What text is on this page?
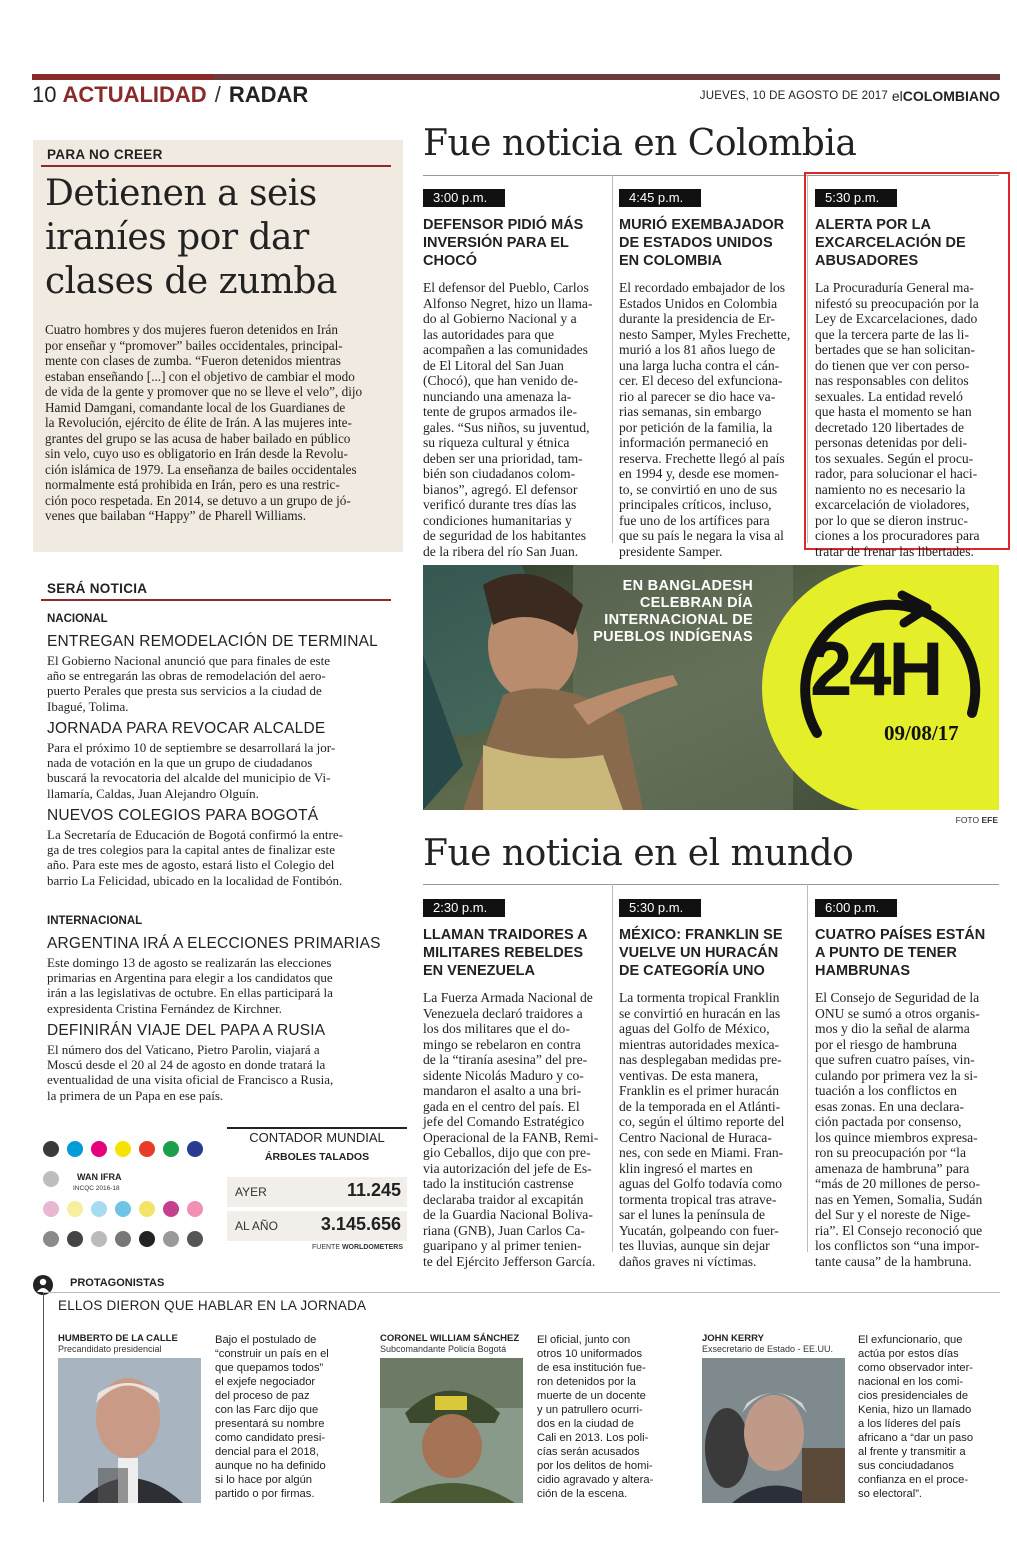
10 ACTUALIDAD / RADAR	JUEVES, 10 DE AGOSTO DE 2017 elCOLOMBIANO
PARA NO CREER
Detienen a seis
iraníes por dar
clases de zumba
Cuatro hombres y dos mujeres fueron detenidos en Irán
por enseñar y “promover” bailes occidentales, principal-
mente con clases de zumba. “Fueron detenidos mientras
estaban enseñando [...] con el objetivo de cambiar el modo
de vida de la gente y promover que no se lleve el velo”, dijo
Hamid Damgani, comandante local de los Guardianes de
la Revolución, ejército de élite de Irán. A las mujeres inte-
grantes del grupo se las acusa de haber bailado en público
sin velo, cuyo uso es obligatorio en Irán desde la Revolu-
ción islámica de 1979. La enseñanza de bailes occidentales
normalmente está prohibida en Irán, pero es una restric-
ción poco respetada. En 2014, se detuvo a un grupo de jó-
venes que bailaban “Happy” de Pharell Williams.
Fue noticia en Colombia
3:00 p.m.
DEFENSOR PIDIÓ MÁS
INVERSIÓN PARA EL
CHOCÓ
El defensor del Pueblo, Carlos
Alfonso Negret, hizo un llama-
do al Gobierno Nacional y a
las autoridades para que
acompañen a las comunidades
de El Litoral del San Juan
(Chocó), que han venido de-
nunciando una amenaza la-
tente de grupos armados ile-
gales. “Sus niños, su juventud,
su riqueza cultural y étnica
deben ser una prioridad, tam-
bién son ciudadanos colom-
bianos”, agregó. El defensor
verificó durante tres días las
condiciones humanitarias y
de seguridad de los habitantes
de la ribera del río San Juan.
4:45 p.m.
MURIÓ EXEMBAJADOR
DE ESTADOS UNIDOS
EN COLOMBIA
El recordado embajador de los
Estados Unidos en Colombia
durante la presidencia de Er-
nesto Samper, Myles Frechette,
murió a los 81 años luego de
una larga lucha contra el cán-
cer. El deceso del exfunciona-
rio al parecer se dio hace va-
rias semanas, sin embargo
por petición de la familia, la
información permaneció en
reserva. Frechette llegó al país
en 1994 y, desde ese momen-
to, se convirtió en uno de sus
principales críticos, incluso,
fue uno de los artífices para
que su país le negara la visa al
presidente Samper.
5:30 p.m.
ALERTA POR LA
EXCARCELACIÓN DE
ABUSADORES
La Procuraduría General ma-
nifestó su preocupación por la
Ley de Excarcelaciones, dado
que la tercera parte de las li-
bertades que se han solicitan-
do tienen que ver con perso-
nas responsables con delitos
sexuales. La entidad reveló
que hasta el momento se han
decretado 120 libertades de
personas detenidas por deli-
tos sexuales. Según el procu-
rador, para solucionar el haci-
namiento no es necesario la
excarcelación de violadores,
por lo que se dieron instruc-
ciones a los procuradores para
tratar de frenar las libertades.
SERÁ NOTICIA
NACIONAL
ENTREGAN REMODELACIÓN DE TERMINAL
El Gobierno Nacional anunció que para finales de este
año se entregarán las obras de remodelación del aero-
puerto Perales que presta sus servicios a la ciudad de
Ibagué, Tolima.
JORNADA PARA REVOCAR ALCALDE
Para el próximo 10 de septiembre se desarrollará la jor-
nada de votación en la que un grupo de ciudadanos
buscará la revocatoria del alcalde del municipio de Vi-
llamaría, Caldas, Juan Alejandro Olguín.
NUEVOS COLEGIOS PARA BOGOTÁ
La Secretaría de Educación de Bogotá confirmó la entre-
ga de tres colegios para la capital antes de finalizar este
año. Para este mes de agosto, estará listo el Colegio del
barrio La Felicidad, ubicado en la localidad de Fontibón.
INTERNACIONAL
ARGENTINA IRÁ A ELECCIONES PRIMARIAS
Este domingo 13 de agosto se realizarán las elecciones
primarias en Argentina para elegir a los candidatos que
irán a las legislativas de octubre. En ellas participará la
expresidenta Cristina Fernández de Kirchner.
DEFINIRÁN VIAJE DEL PAPA A RUSIA
El número dos del Vaticano, Pietro Parolin, viajará a
Moscú desde el 20 al 24 de agosto en donde tratará la
eventualidad de una visita oficial de Francisco a Rusia,
la primera de un Papa en ese país.
EN BANGLADESH
CELEBRAN DÍA
INTERNACIONAL DE
PUEBLOS INDÍGENAS 24H
09/08/17
FOTO EFE
Fue noticia en el mundo
2:30 p.m.
LLAMAN TRAIDORES A
MILITARES REBELDES
EN VENEZUELA
La Fuerza Armada Nacional de
Venezuela declaró traidores a
los dos militares que el do-
mingo se rebelaron en contra
de la “tiranía asesina” del pre-
sidente Nicolás Maduro y co-
mandaron el asalto a una bri-
gada en el centro del país. El
jefe del Comando Estratégico
Operacional de la FANB, Remi-
gio Ceballos, dijo que con pre-
via autorización del jefe de Es-
tado la institución castrense
declaraba traidor al excapitán
de la Guardia Nacional Boliva-
riana (GNB), Juan Carlos Ca-
guaripano y al primer tenien-
te del Ejército Jefferson García.
5:30 p.m.
MÉXICO: FRANKLIN SE
VUELVE UN HURACÁN
DE CATEGORÍA UNO
La tormenta tropical Franklin
se convirtió en huracán en las
aguas del Golfo de México,
mientras autoridades mexica-
nas desplegaban medidas pre-
ventivas. De esta manera,
Franklin es el primer huracán
de la temporada en el Atlánti-
co, según el último reporte del
Centro Nacional de Huraca-
nes, con sede en Miami. Fran-
klin ingresó el martes en
aguas del Golfo todavía como
tormenta tropical tras atrave-
sar el lunes la península de
Yucatán, golpeando con fuer-
tes lluvias, aunque sin dejar
daños graves ni víctimas.
6:00 p.m.
CUATRO PAÍSES ESTÁN
A PUNTO DE TENER
HAMBRUNAS
El Consejo de Seguridad de la
ONU se sumó a otros organis-
mos y dio la señal de alarma
por el riesgo de hambruna
que sufren cuatro países, vin-
culando por primera vez la si-
tuación a los conflictos en
esas zonas. En una declara-
ción pactada por consenso,
los quince miembros expresa-
ron su preocupación por “la
amenaza de hambruna” para
“más de 20 millones de perso-
nas en Yemen, Somalia, Sudán
del Sur y el noreste de Nige-
ria”. El Consejo reconoció que
los conflictos son “una impor-
tante causa” de la hambruna.
WAN IFRA
INCQC 2016-18
CONTADOR MUNDIAL
ÁRBOLES TALADOS
AYER	11.245
AL AÑO 3.145.656
FUENTE WORLDOMETERS
PROTAGONISTAS
ELLOS DIERON QUE HABLAR EN LA JORNADA
HUMBERTO DE LA CALLE
Precandidato presidencial
Bajo el postulado de
“construir un país en el
que quepamos todos”
el exjefe negociador
del proceso de paz
con las Farc dijo que
presentará su nombre
como candidato presi-
dencial para el 2018,
aunque no ha definido
si lo hace por algún
partido o por firmas.
CORONEL WILLIAM SÁNCHEZ
Subcomandante Policía Bogotá
El oficial, junto con
otros 10 uniformados
de esa institución fue-
ron detenidos por la
muerte de un docente
y un patrullero ocurri-
dos en la ciudad de
Cali en 2013. Los poli-
cías serán acusados
por los delitos de homi-
cidio agravado y altera-
ción de la escena.
JOHN KERRY
Exsecretario de Estado - EE.UU.
El exfuncionario, que
actúa por estos días
como observador inter-
nacional en los comi-
cios presidenciales de
Kenia, hizo un llamado
a los líderes del país
africano a “dar un paso
al frente y transmitir a
sus conciudadanos
confianza en el proce-
so electoral”.
